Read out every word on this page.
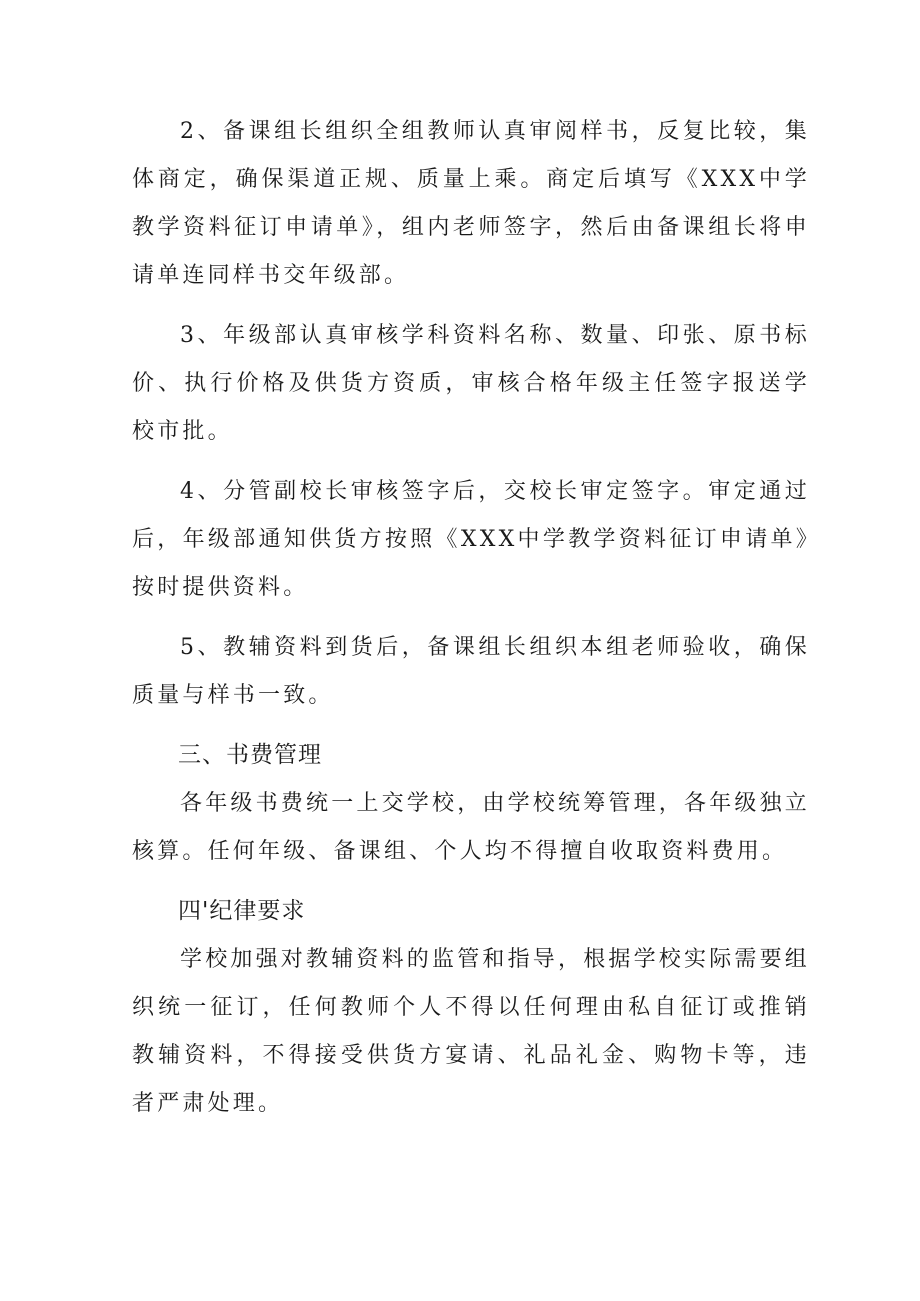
2、备课组长组织全组教师认真审阅样书，反复比较，集体商定，确保渠道正规、质量上乘。商定后填写《XXX中学教学资料征订申请单》，组内老师签字，然后由备课组长将申请单连同样书交年级部。

3、年级部认真审核学科资料名称、数量、印张、原书标价、执行价格及供货方资质，审核合格年级主任签字报送学校市批。

4、分管副校长审核签字后，交校长审定签字。审定通过后，年级部通知供货方按照《XXX中学教学资料征订申请单》按时提供资料。

5、教辅资料到货后，备课组长组织本组老师验收，确保质量与样书一致。

三、书费管理

各年级书费统一上交学校，由学校统筹管理，各年级独立核算。任何年级、备课组、个人均不得擅自收取资料费用。

四'纪律要求

学校加强对教辅资料的监管和指导，根据学校实际需要组织统一征订，任何教师个人不得以任何理由私自征订或推销教辅资料，不得接受供货方宴请、礼品礼金、购物卡等，违者严肃处理。
